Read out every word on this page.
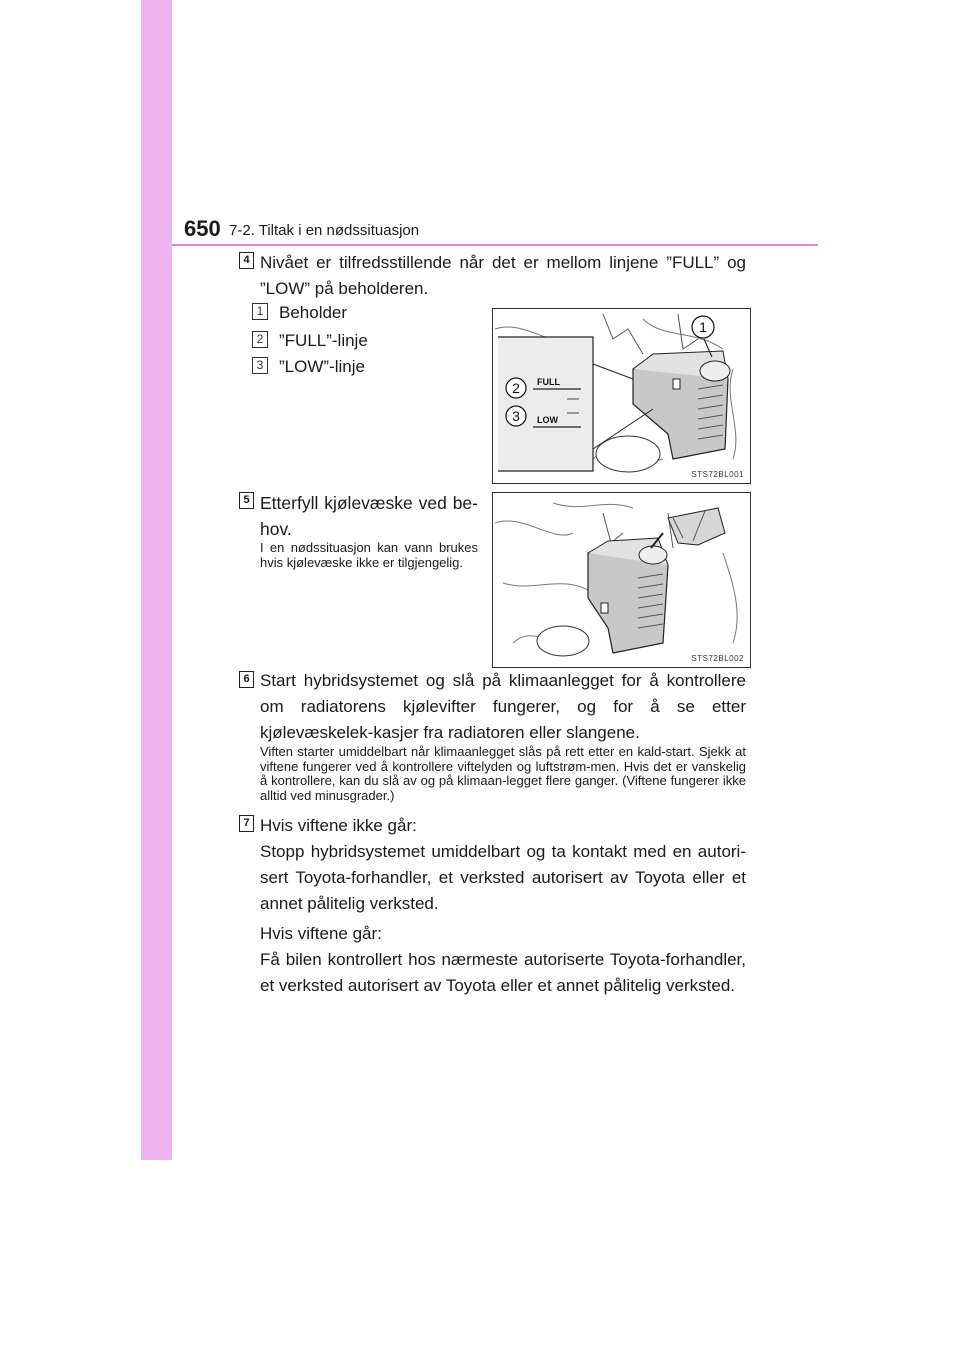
650 7-2. Tiltak i en nødssituasjon
4 Nivået er tilfredsstillende når det er mellom linjene ”FULL” og ”LOW” på beholderen.
1 Beholder
2 ”FULL”-linje
3 ”LOW”-linje
FULL
LOW
1
2
3
STS72BL001
5 Etterfyll kjølevæske ved be-hov.
I en nødssituasjon kan vann brukes hvis kjølevæske ikke er tilgjengelig.
STS72BL002
6 Start hybridsystemet og slå på klimaanlegget for å kontrollere om radiatorens kjølevifter fungerer, og for å se etter kjølevæskelek-kasjer fra radiatoren eller slangene.
Viften starter umiddelbart når klimaanlegget slås på rett etter en kald-start. Sjekk at viftene fungerer ved å kontrollere viftelyden og luftstrøm-men. Hvis det er vanskelig å kontrollere, kan du slå av og på klimaan-legget flere ganger. (Viftene fungerer ikke alltid ved minusgrader.)
7 Hvis viftene ikke går:
Stopp hybridsystemet umiddelbart og ta kontakt med en autori-sert Toyota-forhandler, et verksted autorisert av Toyota eller et annet pålitelig verksted.
Hvis viftene går:
Få bilen kontrollert hos nærmeste autoriserte Toyota-forhandler, et verksted autorisert av Toyota eller et annet pålitelig verksted.
